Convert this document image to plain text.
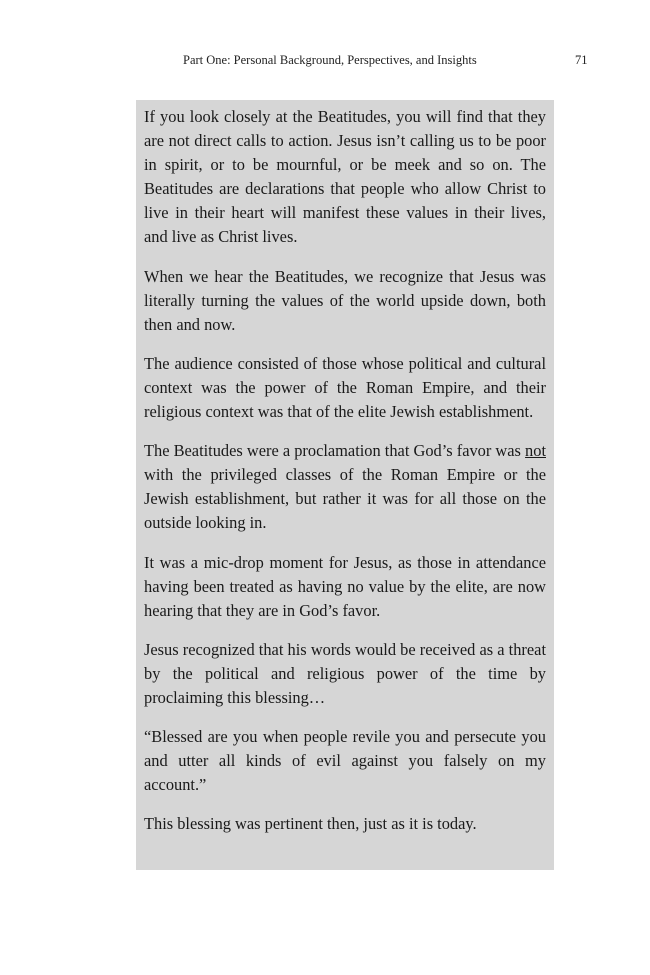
Part One: Personal Background, Perspectives, and Insights	71

If you look closely at the Beatitudes, you will find that they are not direct calls to action. Jesus isn’t calling us to be poor in spirit, or to be mournful, or be meek and so on. The Beatitudes are declarations that people who allow Christ to live in their heart will manifest these values in their lives, and live as Christ lives.

When we hear the Beatitudes, we recognize that Jesus was literally turning the values of the world upside down, both then and now.

The audience consisted of those whose political and cultural context was the power of the Roman Empire, and their religious context was that of the elite Jewish establishment.

The Beatitudes were a proclamation that God’s favor was not with the privileged classes of the Roman Empire or the Jewish establishment, but rather it was for all those on the outside looking in.

It was a mic-drop moment for Jesus, as those in attendance having been treated as having no value by the elite, are now hearing that they are in God’s favor.

Jesus recognized that his words would be received as a threat by the political and religious power of the time by proclaiming this blessing…

“Blessed are you when people revile you and persecute you and utter all kinds of evil against you falsely on my account.”

This blessing was pertinent then, just as it is today.
